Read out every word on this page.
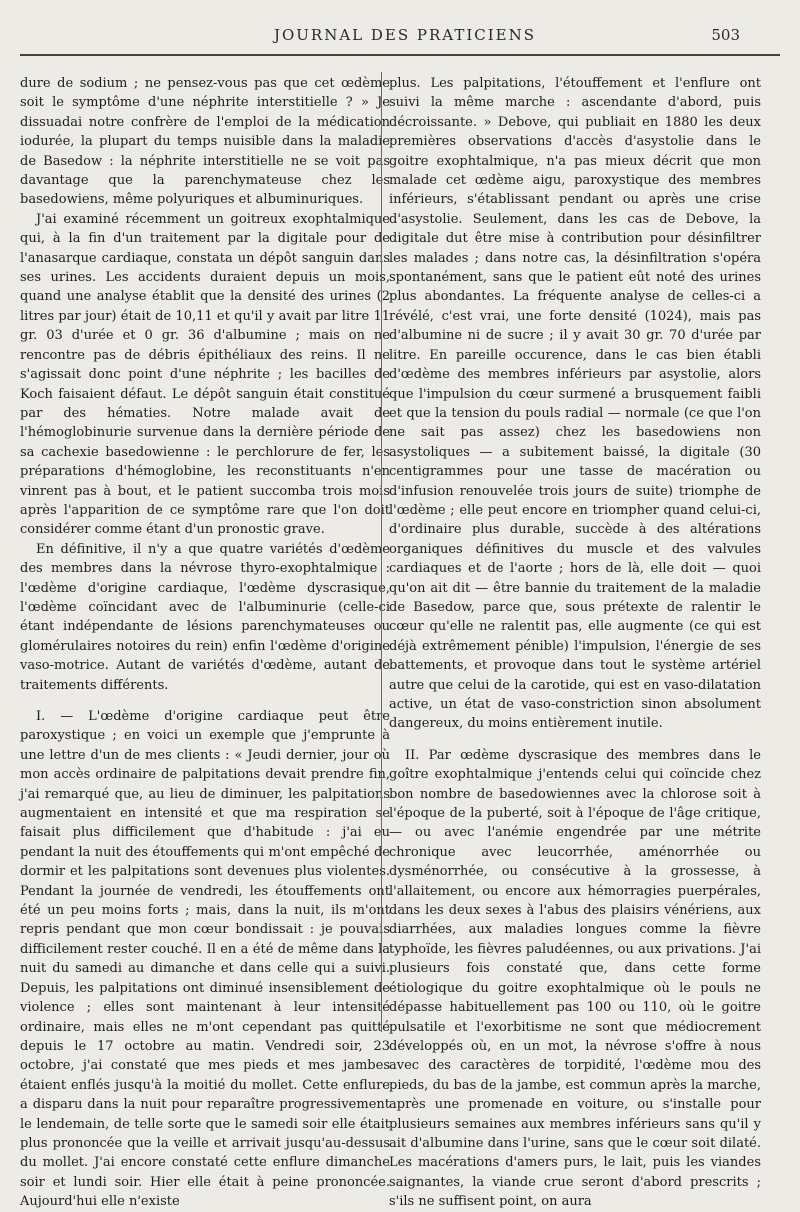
JOURNAL DES PRATICIENS	503

dure de sodium ; ne pensez-vous pas que cet œdème soit le symptôme d'une néphrite interstitielle ? » Je dissuadai notre confrère de l'emploi de la médication iodurée, la plupart du temps nuisible dans la maladie de Basedow : la néphrite interstitielle ne se voit pas davantage que la parenchymateuse chez les basedowiens, même polyuriques et albuminuriques.

J'ai examiné récemment un goitreux exophtalmique qui, à la fin d'un traitement par la digitale pour de l'anasarque cardiaque, constata un dépôt sanguin dans ses urines. Les accidents duraient depuis un mois, quand une analyse établit que la densité des urines (2 litres par jour) était de 10,11 et qu'il y avait par litre 11 gr. 03 d'urée et 0 gr. 36 d'albumine ; mais on ne rencontre pas de débris épithéliaux des reins. Il ne s'agissait donc point d'une néphrite ; les bacilles de Koch faisaient défaut. Le dépôt sanguin était constitué par des hématies. Notre malade avait de l'hémoglobinurie survenue dans la dernière période de sa cachexie basedowienne : le perchlorure de fer, les préparations d'hémoglobine, les reconstituants n'en vinrent pas à bout, et le patient succomba trois mois après l'apparition de ce symptôme rare que l'on doit considérer comme étant d'un pronostic grave.

En définitive, il n'y a que quatre variétés d'œdème des membres dans la névrose thyro-exophtalmique : l'œdème d'origine cardiaque, l'œdème dyscrasique, l'œdème coïncidant avec de l'albuminurie (celle-ci étant indépendante de lésions parenchymateuses ou glomérulaires notoires du rein) enfin l'œdème d'origine vaso-motrice. Autant de variétés d'œdème, autant de traitements différents.

I. — L'œdème d'origine cardiaque peut être paroxystique ; en voici un exemple que j'emprunte à une lettre d'un de mes clients : « Jeudi dernier, jour où mon accès ordinaire de palpitations devait prendre fin, j'ai remarqué que, au lieu de diminuer, les palpitations augmentaient en intensité et que ma respiration se faisait plus difficilement que d'habitude : j'ai eu pendant la nuit des étouffements qui m'ont empêché de dormir et les palpitations sont devenues plus violentes. Pendant la journée de vendredi, les étouffements ont été un peu moins forts ; mais, dans la nuit, ils m'ont repris pendant que mon cœur bondissait : je pouvais difficilement rester couché. Il en a été de même dans la nuit du samedi au dimanche et dans celle qui a suivi. Depuis, les palpitations ont diminué insensiblement de violence ; elles sont maintenant à leur intensité ordinaire, mais elles ne m'ont cependant pas quitté depuis le 17 octobre au matin. Vendredi soir, 23 octobre, j'ai constaté que mes pieds et mes jambes étaient enflés jusqu'à la moitié du mollet. Cette enflure a disparu dans la nuit pour reparaître progressivement le lendemain, de telle sorte que le samedi soir elle était plus prononcée que la veille et arrivait jusqu'au-dessus du mollet. J'ai encore constaté cette enflure dimanche soir et lundi soir. Hier elle était à peine prononcée. Aujourd'hui elle n'existe

plus. Les palpitations, l'étouffement et l'enflure ont suivi la même marche : ascendante d'abord, puis décroissante. » Debove, qui publiait en 1880 les deux premières observations d'accès d'asystolie dans le goitre exophtalmique, n'a pas mieux décrit que mon malade cet œdème aigu, paroxystique des membres inférieurs, s'établissant pendant ou après une crise d'asystolie. Seulement, dans les cas de Debove, la digitale dut être mise à contribution pour désinfiltrer les malades ; dans notre cas, la désinfiltration s'opéra spontanément, sans que le patient eût noté des urines plus abondantes. La fréquente analyse de celles-ci a révélé, c'est vrai, une forte densité (1024), mais pas d'albumine ni de sucre ; il y avait 30 gr. 70 d'urée par litre. En pareille occurence, dans le cas bien établi d'œdème des membres inférieurs par asystolie, alors que l'impulsion du cœur surmené a brusquement faibli et que la tension du pouls radial — normale (ce que l'on ne sait pas assez) chez les basedowiens non asystoliques — a subitement baissé, la digitale (30 centigrammes pour une tasse de macération ou d'infusion renouvelée trois jours de suite) triomphe de l'œdème ; elle peut encore en triompher quand celui-ci, d'ordinaire plus durable, succède à des altérations organiques définitives du muscle et des valvules cardiaques et de l'aorte ; hors de là, elle doit — quoi qu'on ait dit — être bannie du traitement de la maladie de Basedow, parce que, sous prétexte de ralentir le cœur qu'elle ne ralentit pas, elle augmente (ce qui est déjà extrêmement pénible) l'impulsion, l'énergie de ses battements, et provoque dans tout le système artériel autre que celui de la carotide, qui est en vaso-dilatation active, un état de vaso-constriction sinon absolument dangereux, du moins entièrement inutile.

II. Par œdème dyscrasique des membres dans le goître exophtalmique j'entends celui qui coïncide chez bon nombre de basedowiennes avec la chlorose soit à l'époque de la puberté, soit à l'époque de l'âge critique, — ou avec l'anémie engendrée par une métrite chronique avec leucorrhée, aménorrhée ou dysménorrhée, ou consécutive à la grossesse, à l'allaitement, ou encore aux hémorragies puerpérales, dans les deux sexes à l'abus des plaisirs vénériens, aux diarrhées, aux maladies longues comme la fièvre typhoïde, les fièvres paludéennes, ou aux privations. J'ai plusieurs fois constaté que, dans cette forme étiologique du goitre exophtalmique où le pouls ne dépasse habituellement pas 100 ou 110, où le goitre pulsatile et l'exorbitisme ne sont que médiocrement développés où, en un mot, la névrose s'offre à nous avec des caractères de torpidité, l'œdème mou des pieds, du bas de la jambe, est commun après la marche, après une promenade en voiture, ou s'installe pour plusieurs semaines aux membres inférieurs sans qu'il y ait d'albumine dans l'urine, sans que le cœur soit dilaté. Les macérations d'amers purs, le lait, puis les viandes saignantes, la viande crue seront d'abord prescrits ; s'ils ne suffisent point, on aura
